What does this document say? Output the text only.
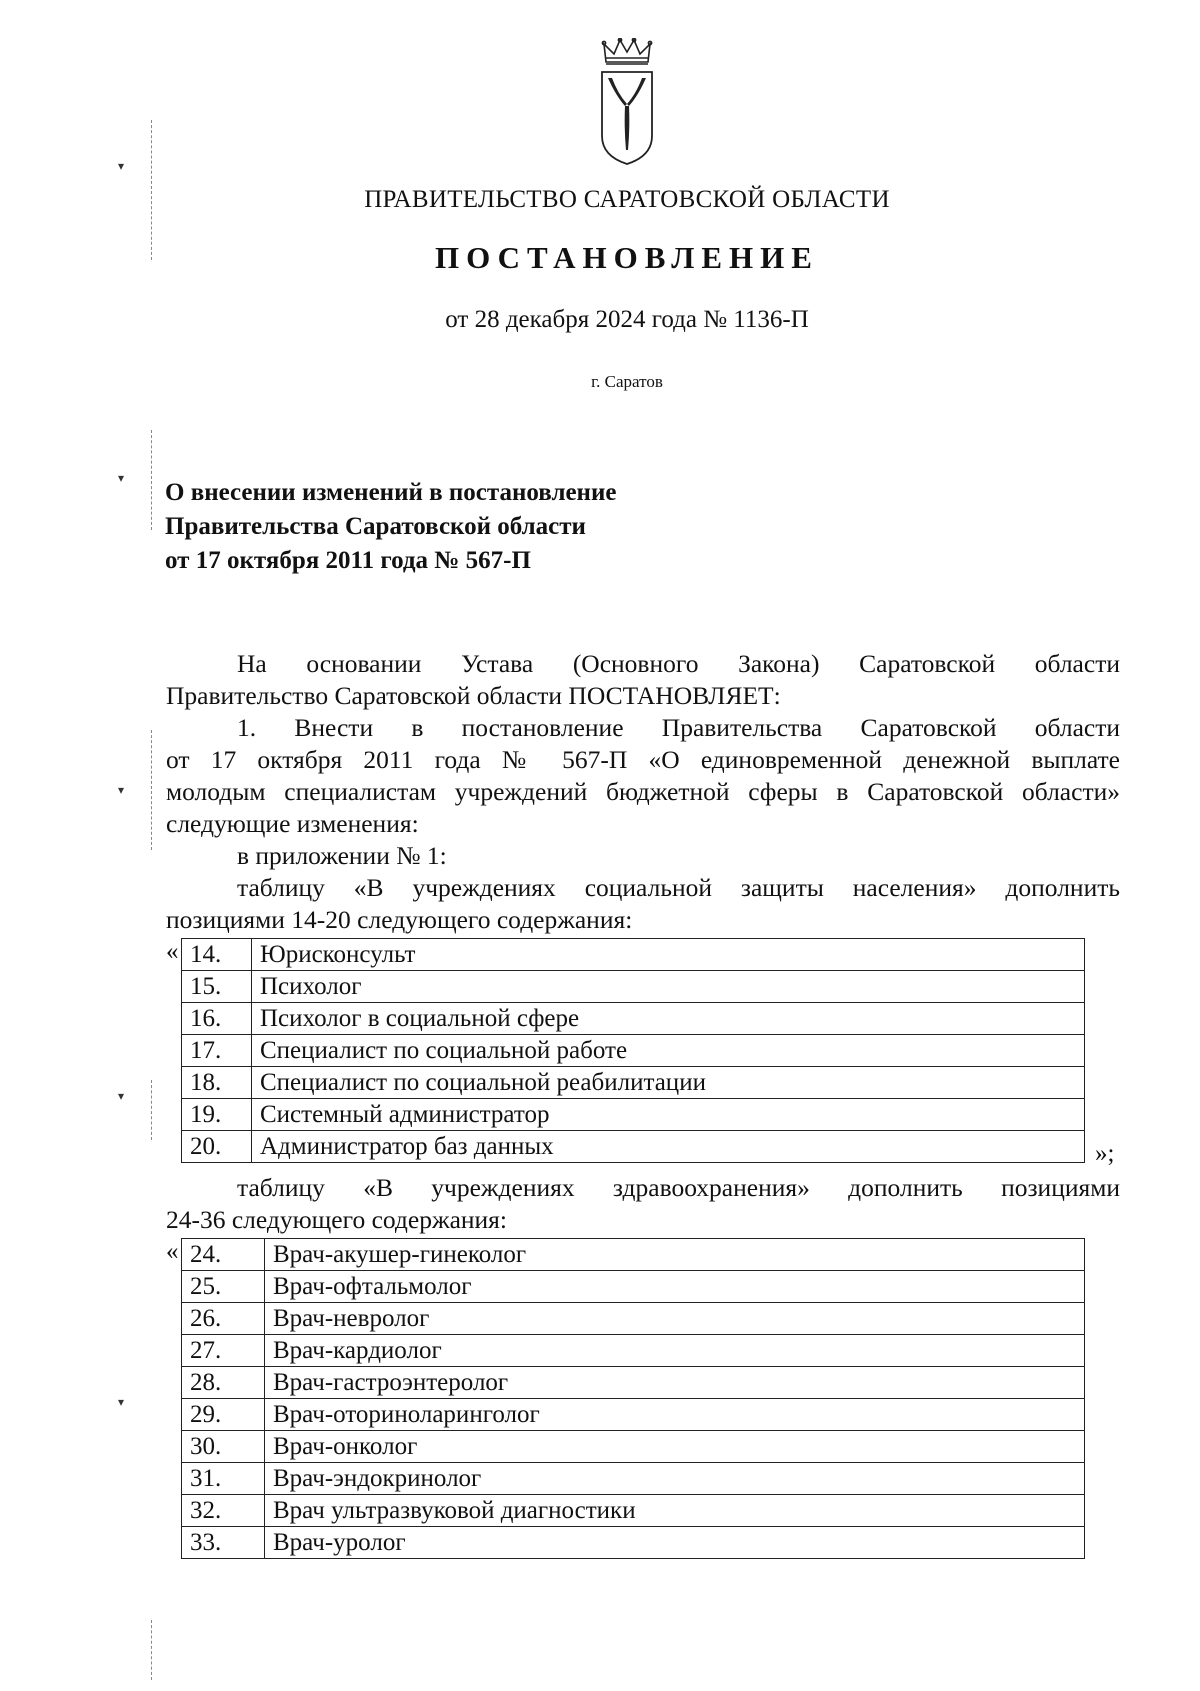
▾
▾
▾
▾
▾
ПРАВИТЕЛЬСТВО САРАТОВСКОЙ ОБЛАСТИ
ПОСТАНОВЛЕНИЕ
от 28 декабря 2024 года № 1136-П
г. Саратов
О внесении изменений в постановление
Правительства Саратовской области
от 17 октября 2011 года № 567-П
На основании Устава (Основного Закона) Саратовской области
Правительство Саратовской области ПОСТАНОВЛЯЕТ:
1. Внести в постановление Правительства Саратовской области
от 17 октября 2011 года № 567-П «О единовременной денежной выплате
молодым специалистам учреждений бюджетной сферы в Саратовской области»
следующие изменения:
в приложении № 1:
таблицу «В учреждениях социальной защиты населения» дополнить
позициями 14-20 следующего содержания:
« 14.	Юрисконсульт
15.	Психолог
16.	Психолог в социальной сфере
17.	Специалист по социальной работе
18.	Специалист по социальной реабилитации
19.	Системный администратор
20.	Администратор баз данных	»;
таблицу «В учреждениях здравоохранения» дополнить позициями
24-36 следующего содержания:
« 24.	Врач-акушер-гинеколог
25.	Врач-офтальмолог
26.	Врач-невролог
27.	Врач-кардиолог
28.	Врач-гастроэнтеролог
29.	Врач-оториноларинголог
30.	Врач-онколог
31.	Врач-эндокринолог
32.	Врач ультразвуковой диагностики
33.	Врач-уролог
